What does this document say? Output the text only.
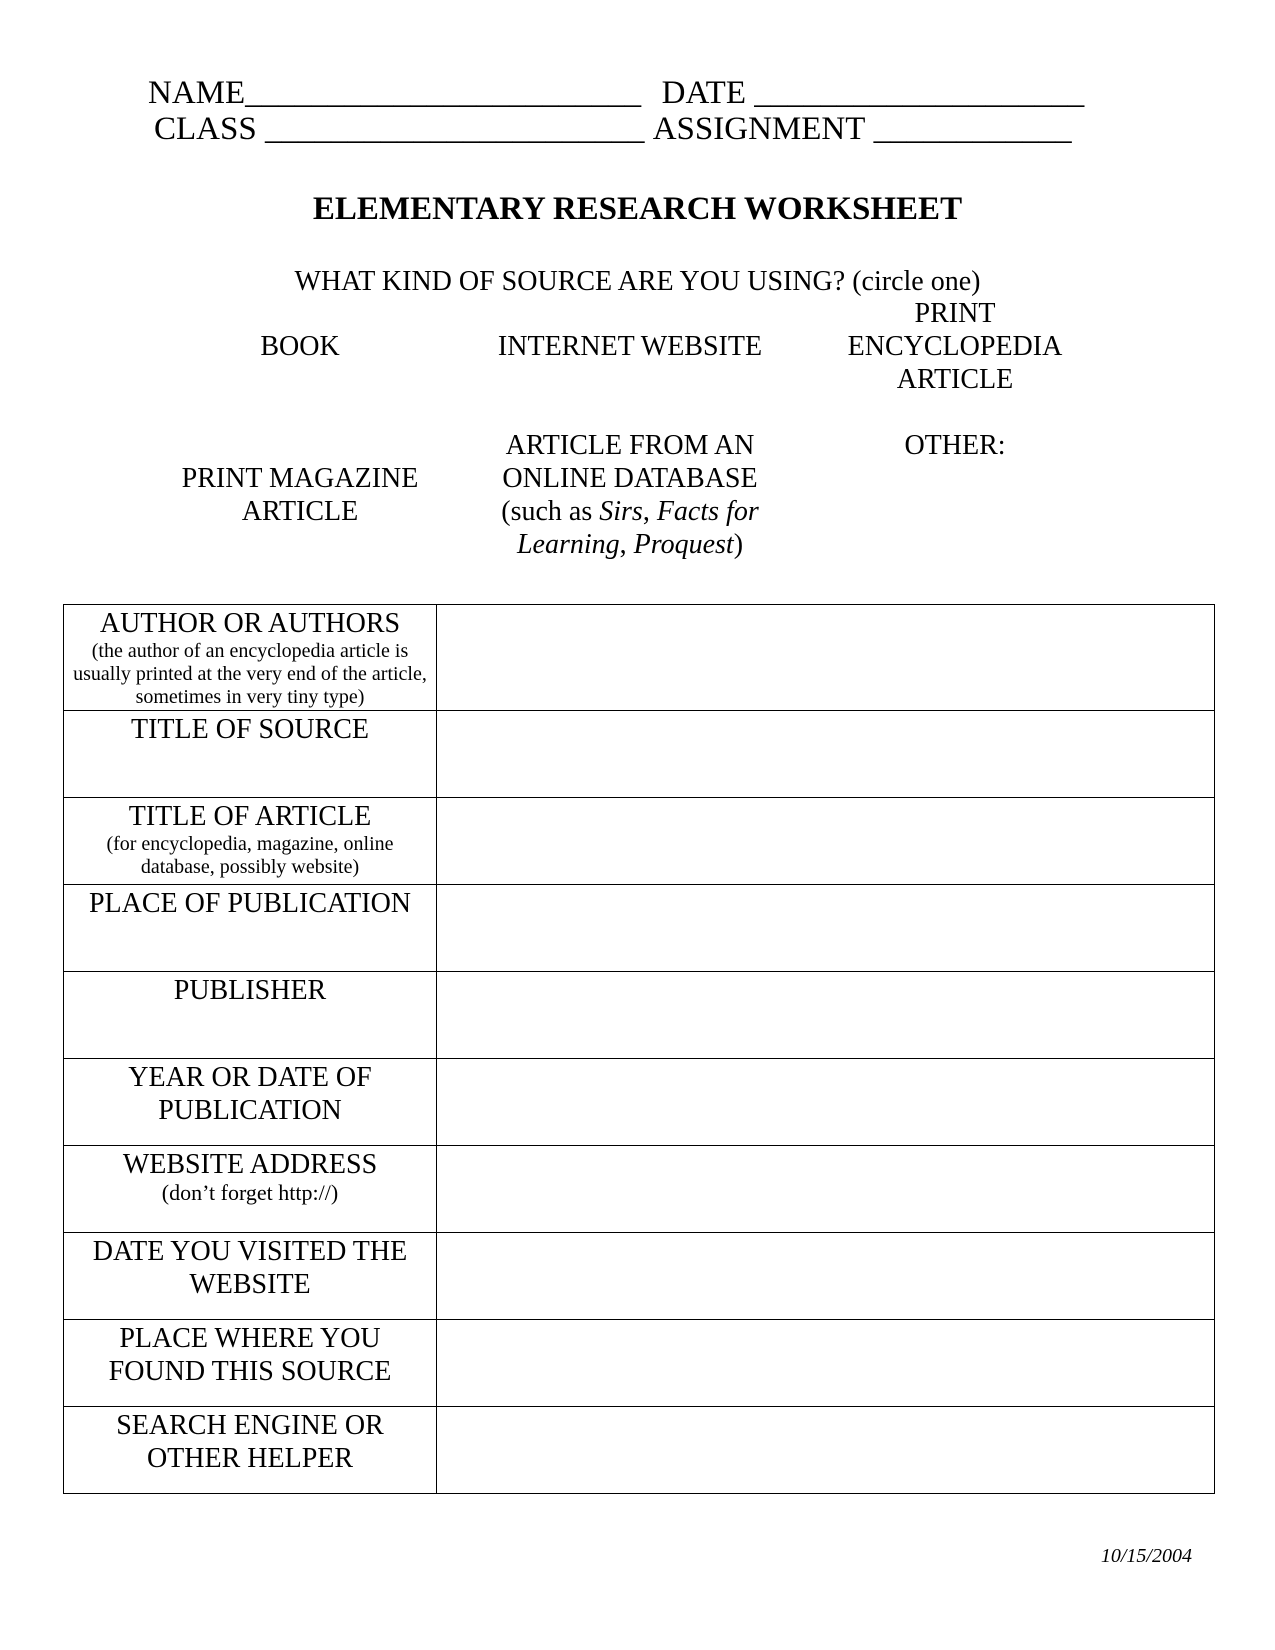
NAME________________________ DATE ____________________
CLASS _______________________ ASSIGNMENT ____________
ELEMENTARY RESEARCH WORKSHEET
WHAT KIND OF SOURCE ARE YOU USING? (circle one)
BOOK	INTERNET WEBSITE
PRINT
ENCYCLOPEDIA
ARTICLE
PRINT MAGAZINE
ARTICLE
ARTICLE FROM AN
ONLINE DATABASE
(such as Sirs, Facts for
Learning, Proquest)
OTHER:
AUTHOR OR AUTHORS
(the author of an encyclopedia article is usually printed at the very end of the article, sometimes in very tiny type)	

TITLE OF SOURCE	

TITLE OF ARTICLE
(for encyclopedia, magazine, online database, possibly website)	

PLACE OF PUBLICATION	

PUBLISHER	

YEAR OR DATE OF PUBLICATION	

WEBSITE ADDRESS
(don’t forget http://)	

DATE YOU VISITED THE WEBSITE	

PLACE WHERE YOU FOUND THIS SOURCE	

SEARCH ENGINE OR OTHER HELPER	

10/15/2004
